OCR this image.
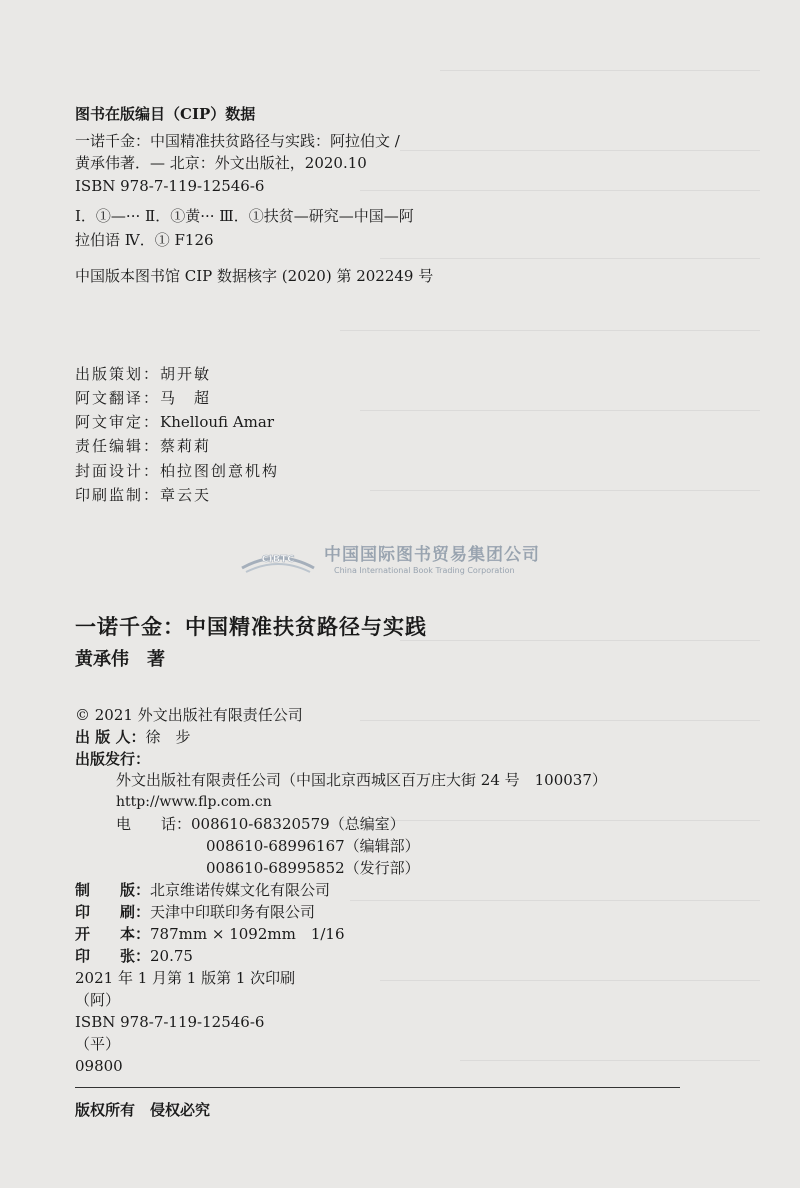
图书在版编目（CIP）数据
一诺千金：中国精准扶贫路径与实践：阿拉伯文 /
黄承伟著．— 北京：外文出版社，2020.10
ISBN 978-7-119-12546-6
Ⅰ．①—··· Ⅱ．①黄··· Ⅲ．①扶贫—研究—中国—阿
拉伯语 Ⅳ．① F126
中国版本图书馆 CIP 数据核字 (2020) 第 202249 号
出版策划：胡开敏
阿文翻译：马　超
阿文审定：Khelloufi Amar
责任编辑：蔡莉莉
封面设计：柏拉图创意机构
印刷监制：章云天
CIBTC 中国国际图书贸易集团公司
China International Book Trading Corporation
一诺千金：中国精准扶贫路径与实践
黄承伟　著
© 2021 外文出版社有限责任公司
出 版 人：徐　步
出版发行：
外文出版社有限责任公司（中国北京西城区百万庄大街 24 号　100037）
http://www.flp.com.cn
电　　话：008610-68320579（总编室）
008610-68996167（编辑部）
008610-68995852（发行部）
制　　版：北京维诺传媒文化有限公司
印　　刷：天津中印联印务有限公司
开　　本：787mm × 1092mm　1/16
印　　张：20.75
2021 年 1 月第 1 版第 1 次印刷
（阿）
ISBN 978-7-119-12546-6
（平）
09800
版权所有　侵权必究
